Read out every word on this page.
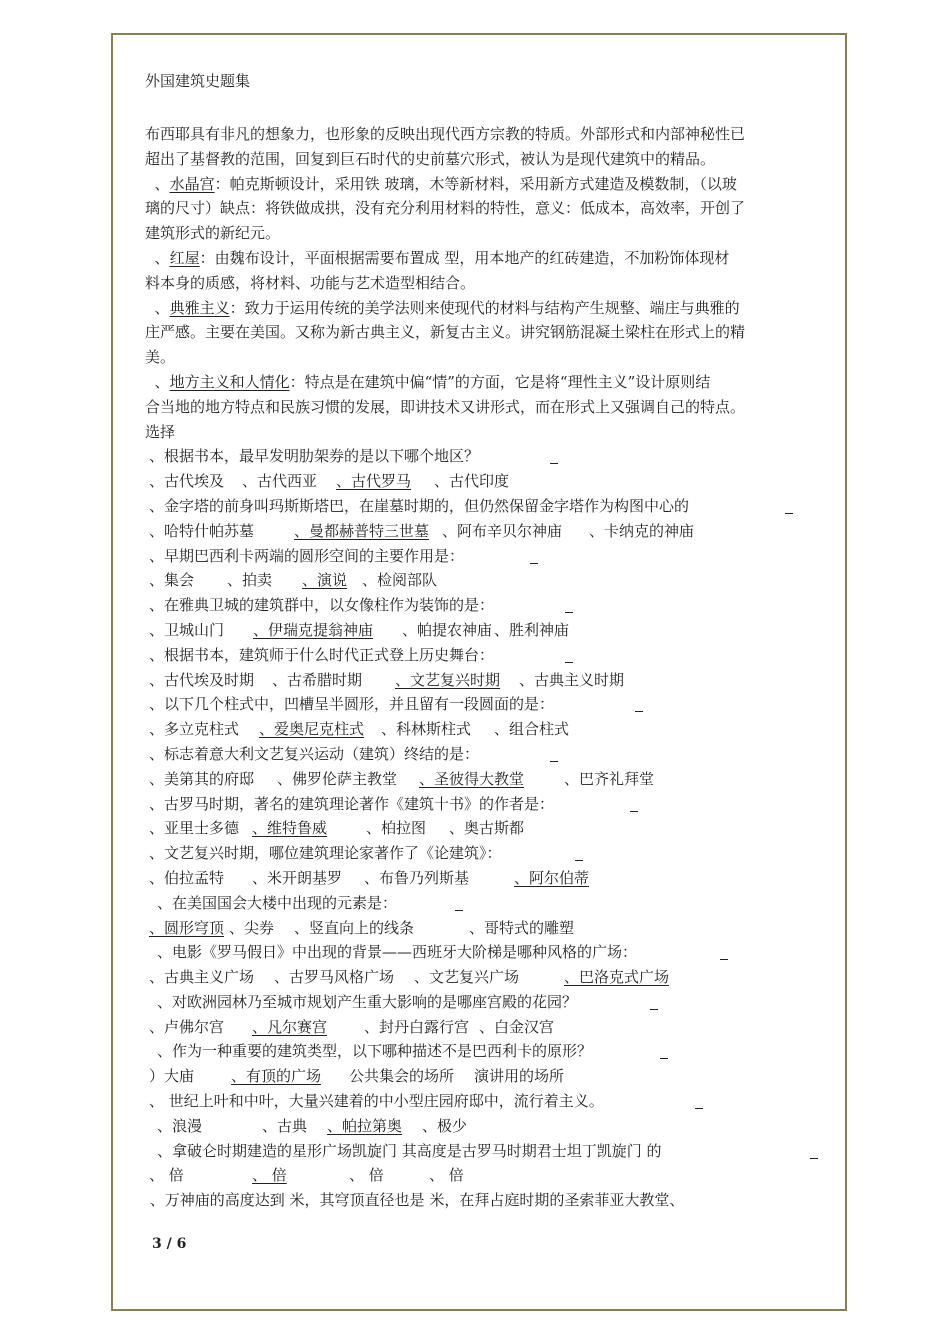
外国建筑史题集
布西耶具有非凡的想象力，也形象的反映出现代西方宗教的特质。外部形式和内部神秘性已
超出了基督教的范围，回复到巨石时代的史前墓穴形式，被认为是现代建筑中的精品。
、水晶宫：帕克斯顿设计，采用铁 玻璃，木等新材料，采用新方式建造及模数制，（以玻
璃的尺寸）缺点：将铁做成拱，没有充分利用材料的特性，意义：低成本，高效率，开创了
建筑形式的新纪元。
、红屋：由魏布设计，平面根据需要布置成 型，用本地产的红砖建造，不加粉饰体现材
料本身的质感，将材料、功能与艺术造型相结合。
、典雅主义：致力于运用传统的美学法则来使现代的材料与结构产生规整、端庄与典雅的
庄严感。主要在美国。又称为新古典主义，新复古主义。讲究钢筋混凝土梁柱在形式上的精
美。
、地方主义和人情化：特点是在建筑中偏“情”的方面，它是将“理性主义”设计原则结
合当地的地方特点和民族习惯的发展，即讲技术又讲形式，而在形式上又强调自己的特点。
选择
、根据书本，最早发明肋架券的是以下哪个地区？
、古代埃及 、古代西亚 、古代罗马 、古代印度
、金字塔的前身叫玛斯斯塔巴，在崖墓时期的，但仍然保留金字塔作为构图中心的
、哈特什帕苏墓	、曼都赫普特三世墓 、阿布辛贝尔神庙 、卡纳克的神庙
、早期巴西利卡两端的圆形空间的主要作用是：
、集会 、拍卖 、演说 、检阅部队
、在雅典卫城的建筑群中，以女像柱作为装饰的是：
、卫城山门 、伊瑞克提翁神庙 、帕提农神庙 、胜利神庙
、根据书本，建筑师于什么时代正式登上历史舞台：
、古代埃及时期 、古希腊时期 、文艺复兴时期 、古典主义时期
、以下几个柱式中，凹槽呈半圆形，并且留有一段圆面的是：
、多立克柱式 、爱奥尼克柱式 、科林斯柱式 、组合柱式
、标志着意大利文艺复兴运动（建筑）终结的是：
、美第其的府邸 、佛罗伦萨主教堂 、圣彼得大教堂	、巴齐礼拜堂
、古罗马时期，著名的建筑理论著作《建筑十书》的作者是：
、亚里士多德 、维特鲁威	、柏拉图 、奥古斯都
、文艺复兴时期，哪位建筑理论家著作了《论建筑》：
、伯拉孟特 、米开朗基罗 、布鲁乃列斯基	、阿尔伯蒂
、在美国国会大楼中出现的元素是：
、圆形穹顶 、尖券 、竖直向上的线条	、哥特式的雕塑
、电影《罗马假日》中出现的背景——西班牙大阶梯是哪种风格的广场：
、古典主义广场 、古罗马风格广场 、文艺复兴广场	、巴洛克式广场
、对欧洲园林乃至城市规划产生重大影响的是哪座宫殿的花园？
、卢佛尔宫 、凡尔赛宫 、封丹白露行宫 、白金汉宫
、作为一种重要的建筑类型，以下哪种描述不是巴西利卡的原形？
）大庙 、有顶的广场 公共集会的场所 演讲用的场所
、 世纪上叶和中叶，大量兴建着的中小型庄园府邸中，流行着主义。
、浪漫	、古典 、帕拉第奥 、极少
、拿破仑时期建造的星形广场凯旋门 其高度是古罗马时期君士坦丁凯旋门 的
、 倍	、 倍	、 倍	、 倍
、万神庙的高度达到 米，其穹顶直径也是 米，在拜占庭时期的圣索菲亚大教堂、
3 / 6
